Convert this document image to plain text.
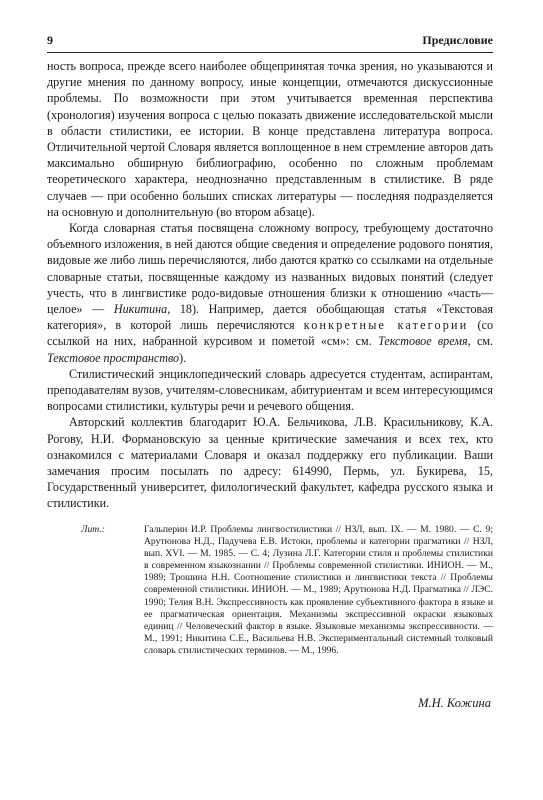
9	Предисловие

ность вопроса, прежде всего наиболее общепринятая точка зрения, но указываются и другие мнения по данному вопросу, иные концепции, отмечаются дискуссионные проблемы. По возможности при этом учитывается временная перспектива (хронология) изучения вопроса с целью показать движение исследовательской мысли в области стилистики, ее истории. В конце представлена литература вопроса. Отличительной чертой Словаря является воплощенное в нем стремление авторов дать максимально обширную библиографию, особенно по сложным проблемам теоретического характера, неоднозначно представленным в стилистике. В ряде случаев — при особенно больших списках литературы — последняя подразделяется на основную и дополнительную (во втором абзаце).

Когда словарная статья посвящена сложному вопросу, требующему достаточно объемного изложения, в ней даются общие сведения и определение родового понятия, видовые же либо лишь перечисляются, либо даются кратко со ссылками на отдельные словарные статьи, посвященные каждому из названных видовых понятий (следует учесть, что в лингвистике родо-видовые отношения близки к отношению «часть—целое» — Никитина, 18). Например, дается обобщающая статья «Текстовая категория», в которой лишь перечисляются конкретные категории (со ссылкой на них, набранной курсивом и пометой «см»: см. Текстовое время, см. Текстовое пространство).

Стилистический энциклопедический словарь адресуется студентам, аспирантам, преподавателям вузов, учителям-словесникам, абитуриентам и всем интересующимся вопросами стилистики, культуры речи и речевого общения.

Авторский коллектив благодарит Ю.А. Бельчикова, Л.В. Красильникову, К.А. Рогову, Н.И. Формановскую за ценные критические замечания и всех тех, кто ознакомился с материалами Словаря и оказал поддержку его публикации. Ваши замечания просим посылать по адресу: 614990, Пермь, ул. Букирева, 15, Государственный университет, филологический факультет, кафедра русского языка и стилистики.

Лит.:	Гальперин И.Р. Проблемы лингвостилистики // НЗЛ, вып. IX. — М. 1980. — С. 9; Арутюнова Н.Д., Падучева Е.В. Истоки, проблемы и категории прагматики // НЗЛ, вып. XVI. — М. 1985. — С. 4; Лузина Л.Г. Категории стиля и проблемы стилистики в современном языкознании // Проблемы современной стилистики. ИНИОН. — М., 1989; Трошина Н.Н. Соотношение стилистики и лингвистики текста // Проблемы современной стилистики. ИНИОН. — М., 1989; Арутюнова Н.Д. Прагматика // ЛЭС. 1990; Телия В.Н. Экспрессивность как проявление субъективного фактора в языке и ее прагматическая ориентация. Механизмы экспрессивной окраски языковых единиц // Человеческий фактор в языке. Языковые механизмы экспрессивности. — М., 1991; Никитина С.Е., Васильева Н.В. Экспериментальный системный толковый словарь стилистических терминов. — М., 1996.
М.Н. Кожина
